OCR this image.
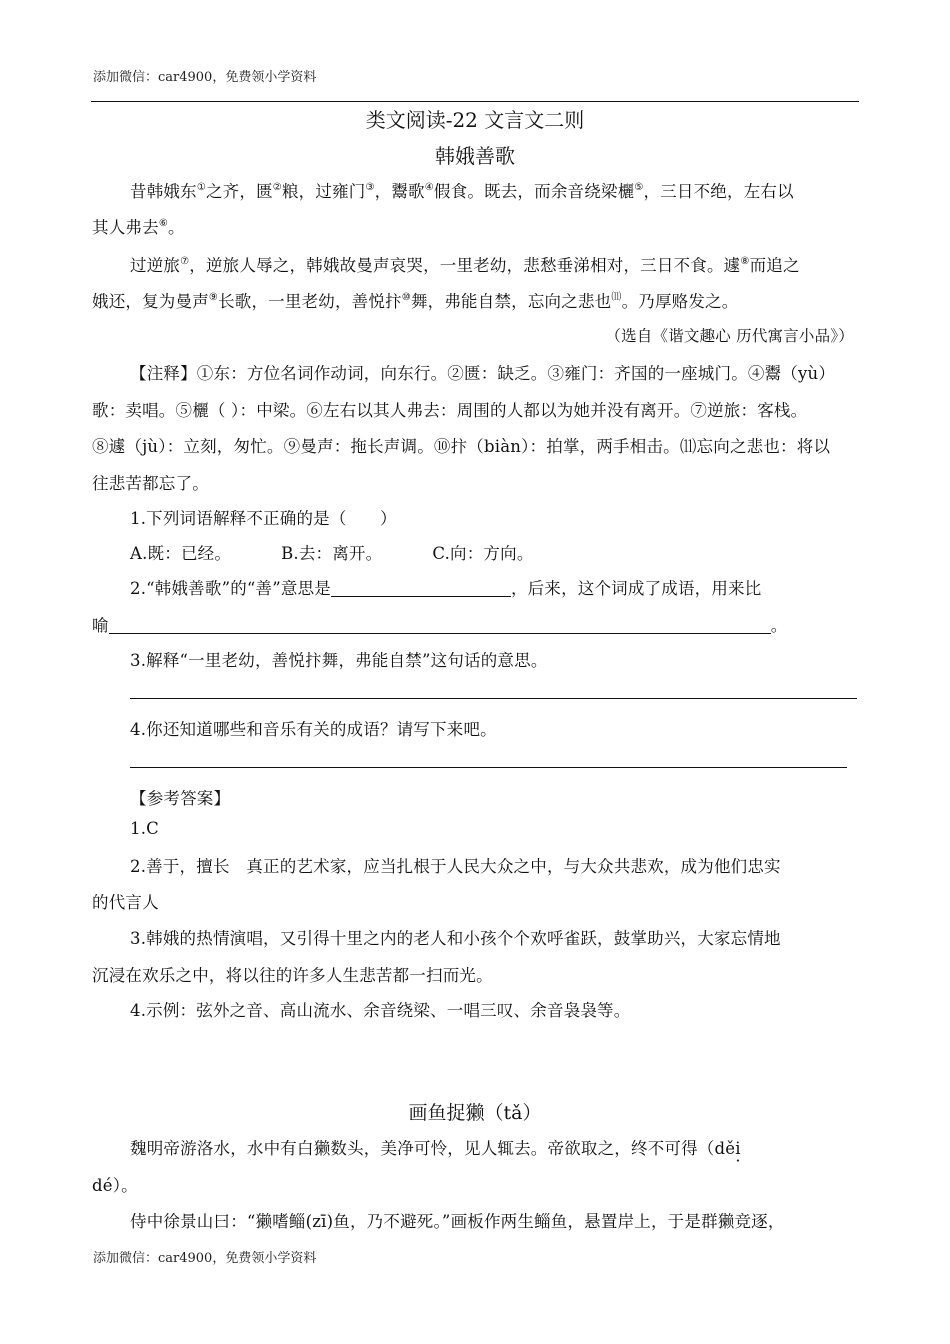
添加微信：car4900，免费领小学资料
类文阅读-22 文言文二则
韩娥善歌
昔韩娥东①之齐，匮②粮，过雍门③，鬻歌④假食。既去，而余音绕梁欐⑤，三日不绝，左右以
其人弗去⑥。
过逆旅⑦，逆旅人辱之，韩娥故曼声哀哭，一里老幼，悲愁垂涕相对，三日不食。遽⑧而追之
娥还，复为曼声⑨长歌，一里老幼，善悦抃⑩舞，弗能自禁，忘向之悲也⑾。乃厚赂发之。
（选自《谐文趣心 历代寓言小品》）
【注释】①东：方位名词作动词，向东行。②匮：缺乏。③雍门：齐国的一座城门。④鬻（yù）
歌：卖唱。⑤欐（ ）：中梁。⑥左右以其人弗去：周围的人都以为她并没有离开。⑦逆旅：客栈。
⑧遽（jù）：立刻，匆忙。⑨曼声：拖长声调。⑩抃（biàn）：拍掌，两手相击。⑾忘向之悲也：将以
往悲苦都忘了。
1.下列词语解释不正确的是（　　）
A.既：已经。	B.去：离开。	C.向：方向。
2.“韩娥善歌”的“善”意思是	，后来，这个词成了成语，用来比
喻	。
3.解释“一里老幼，善悦抃舞，弗能自禁”这句话的意思。
4.你还知道哪些和音乐有关的成语？请写下来吧。
【参考答案】
1.C
2.善于，擅长　真正的艺术家，应当扎根于人民大众之中，与大众共悲欢，成为他们忠实
的代言人
3.韩娥的热情演唱，又引得十里之内的老人和小孩个个欢呼雀跃，鼓掌助兴，大家忘情地
沉浸在欢乐之中，将以往的许多人生悲苦都一扫而光。
4.示例：弦外之音、高山流水、余音绕梁、一唱三叹、余音袅袅等。
画鱼捉獭（tǎ）
魏明帝游洛水，水中有白獭数头，美净可怜，见人辄去。帝欲取之，终不可得（děi ·
dé）。
侍中徐景山曰：“獭嗜鲻(zī)鱼，乃不避死。”画板作两生鲻鱼，悬置岸上，于是群獭竞逐，
添加微信：car4900，免费领小学资料
